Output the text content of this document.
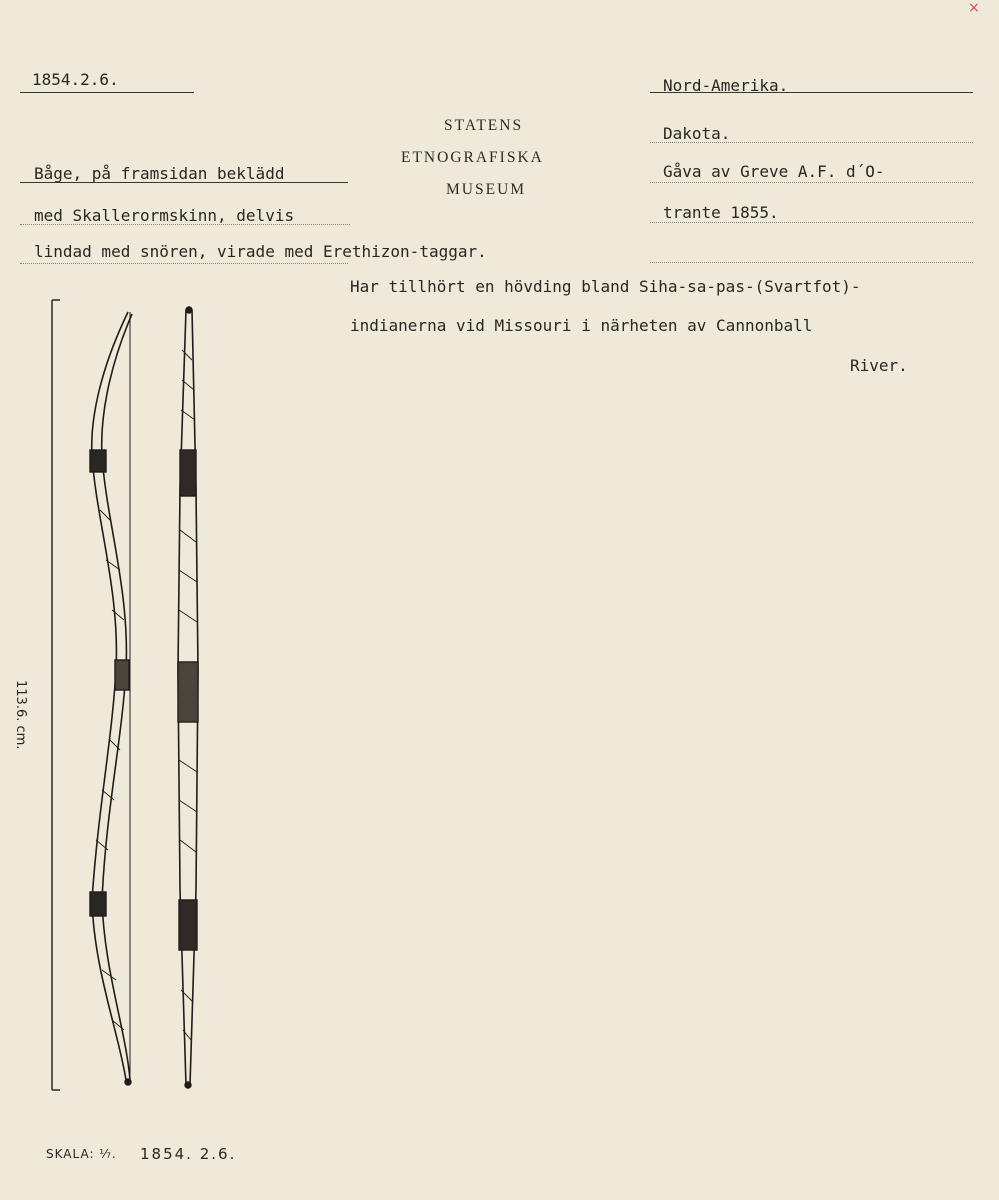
×
1854.2.6.
STATENS
ETNOGRAFISKA
MUSEUM
Nord-Amerika.
Dakota.
Gåva av Greve A.F. d´O-
trante 1855.
Båge, på framsidan beklädd
med Skallerormskinn, delvis
lindad med snören, virade med Erethizon-taggar.
Har tillhört en hövding bland Siha-sa-pas-(Svartfot)-
indianerna vid Missouri i närheten av Cannonball
River.
113.6. cm.
SKALA: ⅐. 1854. 2.6.
